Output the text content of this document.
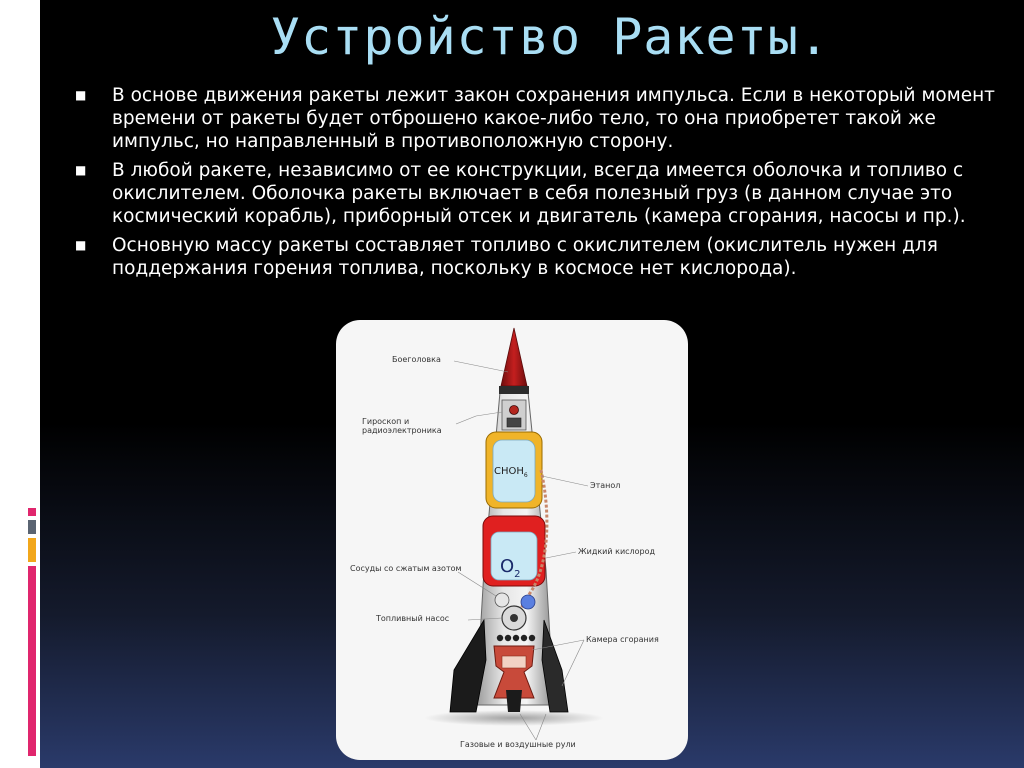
Устройство Ракеты.
■ В основе движения ракеты лежит закон сохранения импульса. Если в некоторый момент времени от ракеты будет отброшено какое-либо тело, то она приобретет такой же импульс, но направленный в противоположную сторону.
■ В любой ракете, независимо от ее конструкции, всегда имеется оболочка и топливо с окислителем. Оболочка ракеты включает в себя полезный груз (в данном случае это космический корабль), приборный отсек и двигатель (камера сгорания, насосы и пр.).
■ Основную массу ракеты составляет топливо с окислителем (окислитель нужен для поддержания горения топлива, поскольку в космосе нет кислорода).
$CHOH_6$
$O_2$
Боеголовка
Гироскоп и
радиоэлектроника
Этанол
Жидкий кислород
Сосуды со сжатым азотом
Топливный насос
Камера сгорания
Газовые и воздушные рули
